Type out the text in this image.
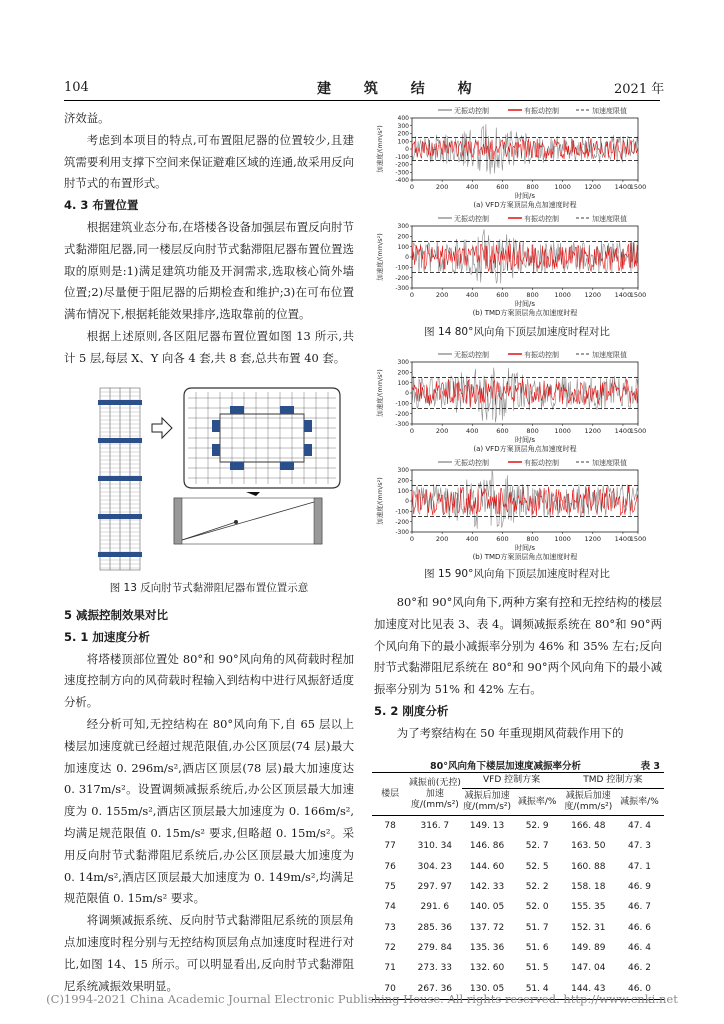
104	建 筑 结 构	2021 年

济效益。

考虑到本项目的特点,可布置阻尼器的位置较少,且建筑需要利用支撑下空间来保证避难区域的连通,故采用反向肘节式的布置形式。

4. 3 布置位置

根据建筑业态分布,在塔楼各设备加强层布置反向肘节式黏滞阻尼器,同一楼层反向肘节式黏滞阻尼器布置位置选取的原则是:1)满足建筑功能及开洞需求,选取核心筒外墙位置;2)尽量便于阻尼器的后期检查和维护;3)在可布位置满布情况下,根据耗能效果排序,选取靠前的位置。

根据上述原则,各区阻尼器布置位置如图 13 所示,共计 5 层,每层 X、Y 向各 4 套,共 8 套,总共布置 40 套。

图 13 反向肘节式黏滞阻尼器布置位置示意

5 减振控制效果对比

5. 1 加速度分析

将塔楼顶部位置处 80°和 90°风向角的风荷载时程加速度控制方向的风荷载时程输入到结构中进行风振舒适度分析。

经分析可知,无控结构在 80°风向角下,自 65 层以上楼层加速度就已经超过规范限值,办公区顶层(74 层)最大加速度达 0. 296m/s²,酒店区顶层(78 层)最大加速度达 0. 317m/s²。设置调频减振系统后,办公区顶层最大加速度为 0. 155m/s²,酒店区顶层最大加速度为 0. 166m/s²,均满足规范限值 0. 15m/s² 要求,但略超 0. 15m/s²。采用反向肘节式黏滞阻尼系统后,办公区顶层最大加速度为 0. 14m/s²,酒店区顶层最大加速度为 0. 149m/s²,均满足规范限值 0. 15m/s² 要求。

将调频减振系统、反向肘节式黏滞阻尼系统的顶层角点加速度时程分别与无控结构顶层角点加速度时程进行对比,如图 14、15 所示。可以明显看出,反向肘节式黏滞阻尼系统减振效果明显。

无振动控制	有振动控制	加速度限值
-400
-300
-200
-100
0
100
200
300
400
0	200	400	600	800 1000 1200 1400
1500
加速度/(mm/s²)
时间/s
(a) VFD方案顶层角点加速度时程

无振动控制	有振动控制	加速度限值
-300
-200
-100
0
100
200
300
0	200	400	600	800 1000 1200 1400
1500
加速度/(mm/s²)
时间/s
(b) TMD方案顶层角点加速度时程
图 14 80°风向角下顶层加速度时程对比
无振动控制	有振动控制	加速度限值
-300
-200
-100
0
100
200
300
0	200	400	600	800 1000 1200 1400
1500
加速度/(mm/s²)
时间/s
(a) VFD方案顶层角点加速度时程

无振动控制	有振动控制	加速度限值
-300
-200
-100
0
100
200
300
0	200	400	600	800 1000 1200 1400
1500
加速度/(mm/s²)
时间/s
(b) TMD方案顶层角点加速度时程
图 15 90°风向角下顶层加速度时程对比

80°和 90°风向角下,两种方案有控和无控结构的楼层加速度对比见表 3、表 4。调频减振系统在 80°和 90°两个风向角下的最小减振率分别为 46% 和 35% 左右;反向肘节式黏滞阻尼系统在 80°和 90°两个风向角下的最小减振率分别为 51% 和 42% 左右。

5. 2 刚度分析

为了考察结构在 50 年重现期风荷载作用下的

80°风向角下楼层加速度减振率分析	表 3
楼层	减振前(无控)加速度/(mm/s²)	VFD 控制方案		TMD 控制方案	
		减振后加速度/(mm/s²)	减振率/%	减振后加速度/(mm/s²)	减振率/%
78	316. 7	149. 13	52. 9	166. 48	47. 4
77	310. 34	146. 86	52. 7	163. 50	47. 3
76	304. 23	144. 60	52. 5	160. 88	47. 1
75	297. 97	142. 33	52. 2	158. 18	46. 9
74	291. 6	140. 05	52. 0	155. 35	46. 7
73	285. 36	137. 72	51. 7	152. 31	46. 6
72	279. 84	135. 36	51. 6	149. 89	46. 4
71	273. 33	132. 60	51. 5	147. 04	46. 2
70	267. 36	130. 05	51. 4	144. 43	46. 0
(C)1994-2021 China Academic Journal Electronic Publishing House. All rights reserved. http://www.cnki.net
